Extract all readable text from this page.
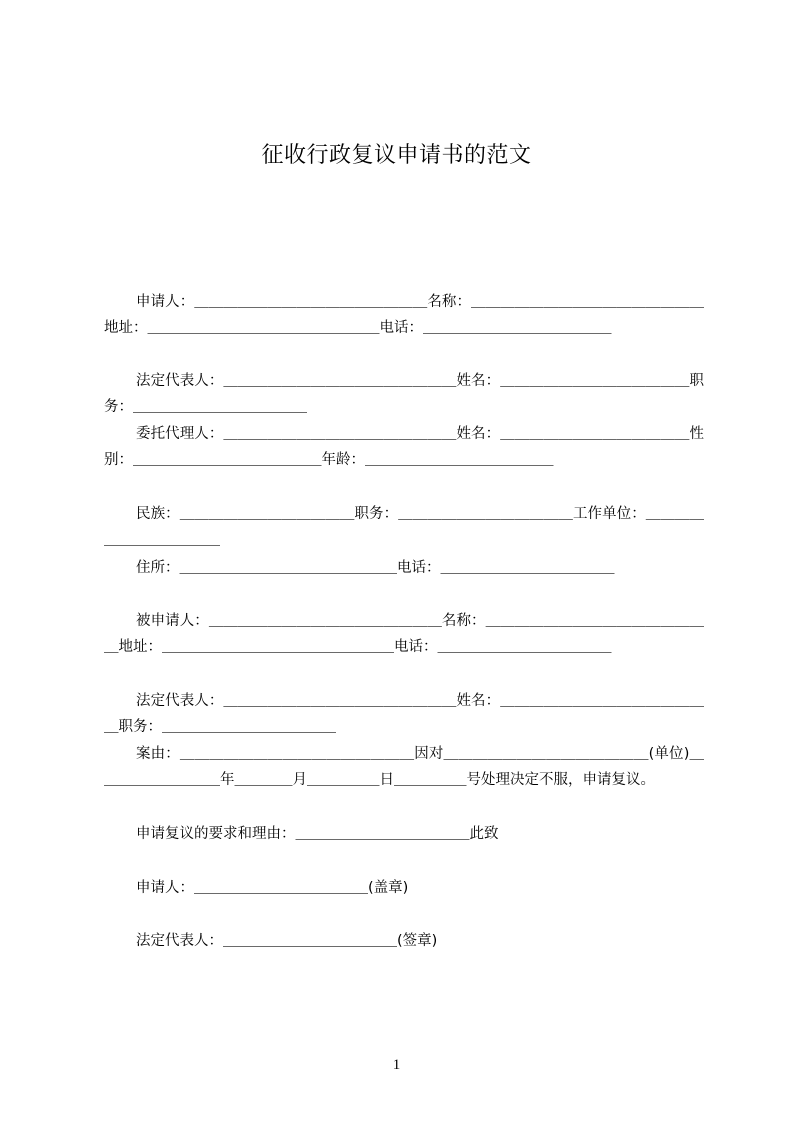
征收行政复议申请书的范文
申请人：＿＿＿＿＿＿＿＿＿＿＿＿＿＿＿＿名称：＿＿＿＿＿＿＿＿＿＿＿＿＿＿＿＿地址：＿＿＿＿＿＿＿＿＿＿＿＿＿＿＿＿电话：＿＿＿＿＿＿＿＿＿＿＿＿＿
法定代表人：＿＿＿＿＿＿＿＿＿＿＿＿＿＿＿＿姓名：＿＿＿＿＿＿＿＿＿＿＿＿＿职务：＿＿＿＿＿＿＿＿＿＿＿＿
委托代理人：＿＿＿＿＿＿＿＿＿＿＿＿＿＿＿＿姓名：＿＿＿＿＿＿＿＿＿＿＿＿＿性别：＿＿＿＿＿＿＿＿＿＿＿＿＿年龄：＿＿＿＿＿＿＿＿＿＿＿＿＿
民族：＿＿＿＿＿＿＿＿＿＿＿＿职务：＿＿＿＿＿＿＿＿＿＿＿＿工作单位：＿＿＿＿＿＿＿＿＿＿＿＿
住所：＿＿＿＿＿＿＿＿＿＿＿＿＿＿＿电话：＿＿＿＿＿＿＿＿＿＿＿＿
被申请人：＿＿＿＿＿＿＿＿＿＿＿＿＿＿＿＿名称：＿＿＿＿＿＿＿＿＿＿＿＿＿＿＿＿地址：＿＿＿＿＿＿＿＿＿＿＿＿＿＿＿＿电话：＿＿＿＿＿＿＿＿＿＿＿＿
法定代表人：＿＿＿＿＿＿＿＿＿＿＿＿＿＿＿＿姓名：＿＿＿＿＿＿＿＿＿＿＿＿＿＿＿职务：＿＿＿＿＿＿＿＿＿＿＿＿
案由：＿＿＿＿＿＿＿＿＿＿＿＿＿＿＿＿因对＿＿＿＿＿＿＿＿＿＿＿＿＿＿(单位)＿＿＿＿＿＿＿＿＿年＿＿＿＿月＿＿＿＿＿日＿＿＿＿＿号处理决定不服，申请复议。
申请复议的要求和理由：＿＿＿＿＿＿＿＿＿＿＿＿此致
申请人：＿＿＿＿＿＿＿＿＿＿＿＿(盖章)
法定代表人：＿＿＿＿＿＿＿＿＿＿＿＿(签章)
1
